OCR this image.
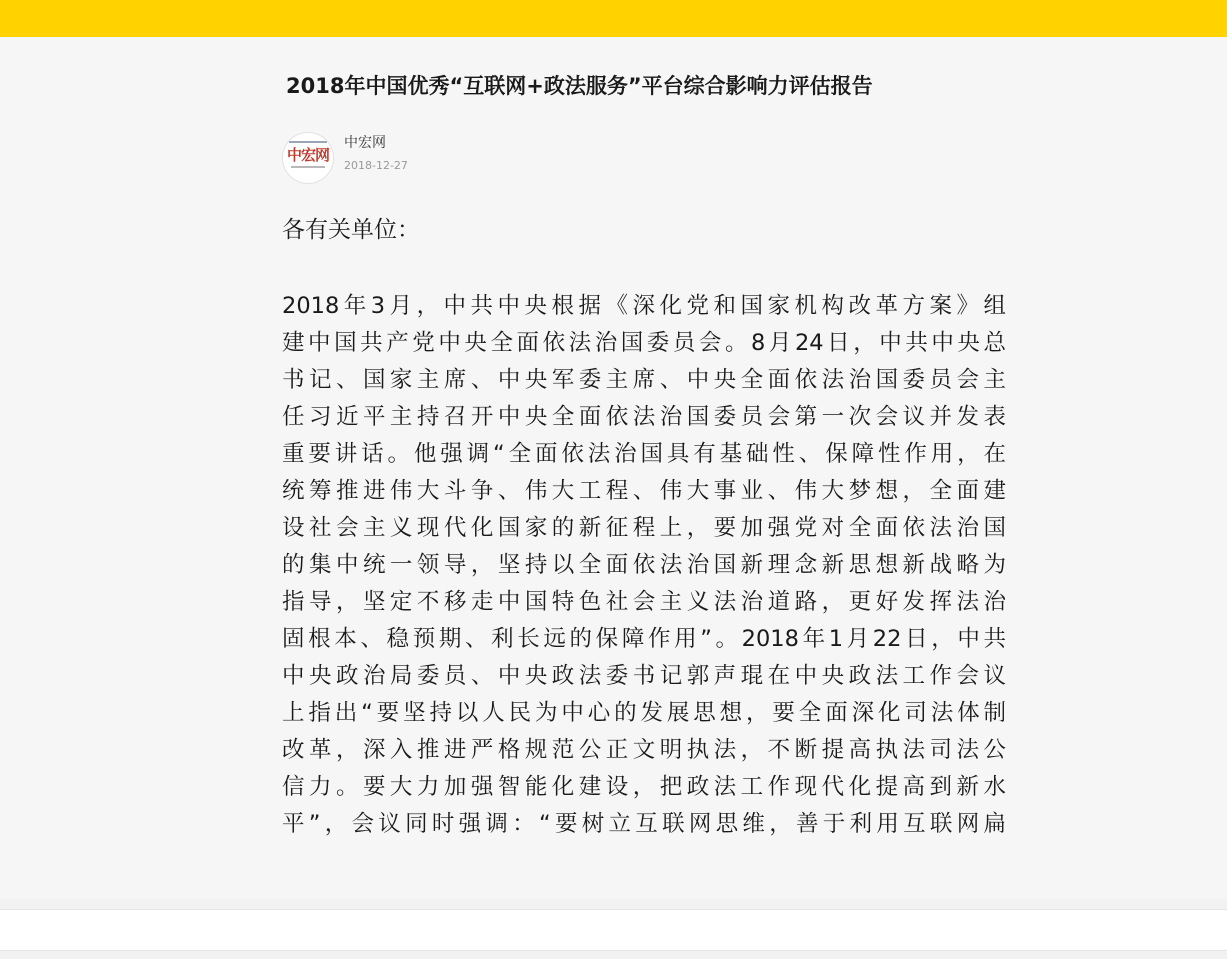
2018年中国优秀“互联网+政法服务”平台综合影响力评估报告
中宏网
中宏网
2018-12-27
各有关单位：
2018年3月，中共中央根据《深化党和国家机构改革方案》组
建中国共产党中央全面依法治国委员会。8月24日，中共中央总
书记、国家主席、中央军委主席、中央全面依法治国委员会主
任习近平主持召开中央全面依法治国委员会第一次会议并发表
重要讲话。他强调“全面依法治国具有基础性、保障性作用，在
统筹推进伟大斗争、伟大工程、伟大事业、伟大梦想，全面建
设社会主义现代化国家的新征程上，要加强党对全面依法治国
的集中统一领导，坚持以全面依法治国新理念新思想新战略为
指导，坚定不移走中国特色社会主义法治道路，更好发挥法治
固根本、稳预期、利长远的保障作用”。2018年1月22日，中共
中央政治局委员、中央政法委书记郭声琨在中央政法工作会议
上指出“要坚持以人民为中心的发展思想，要全面深化司法体制
改革，深入推进严格规范公正文明执法，不断提高执法司法公
信力。要大力加强智能化建设，把政法工作现代化提高到新水
平”，会议同时强调：“要树立互联网思维，善于利用互联网扁
